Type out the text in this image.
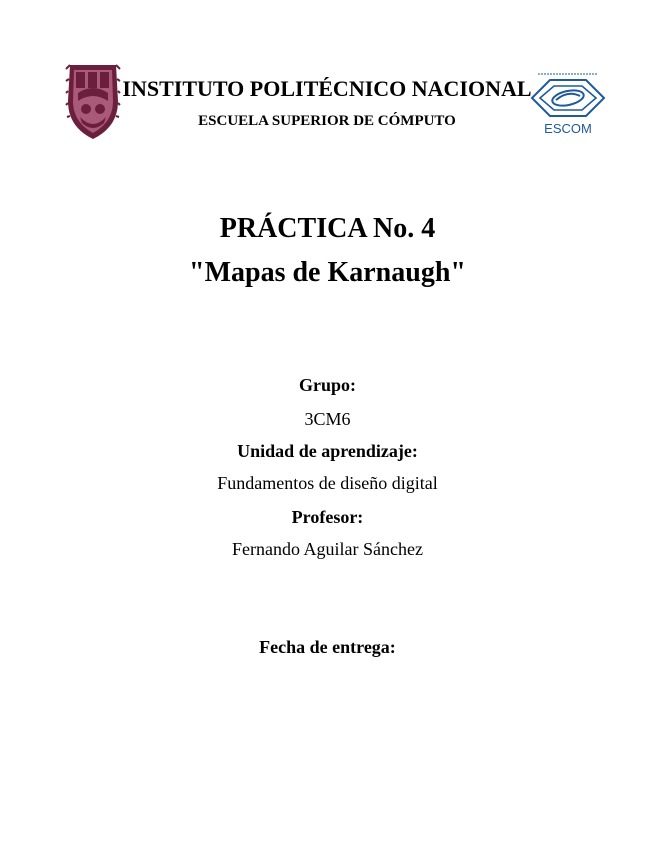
INSTITUTO POLITÉCNICO NACIONAL
ESCUELA SUPERIOR DE CÓMPUTO	ESCOM
PRÁCTICA No. 4
"Mapas de Karnaugh"
Grupo:
3CM6
Unidad de aprendizaje:
Fundamentos de diseño digital
Profesor:
Fernando Aguilar Sánchez
Fecha de entrega:
